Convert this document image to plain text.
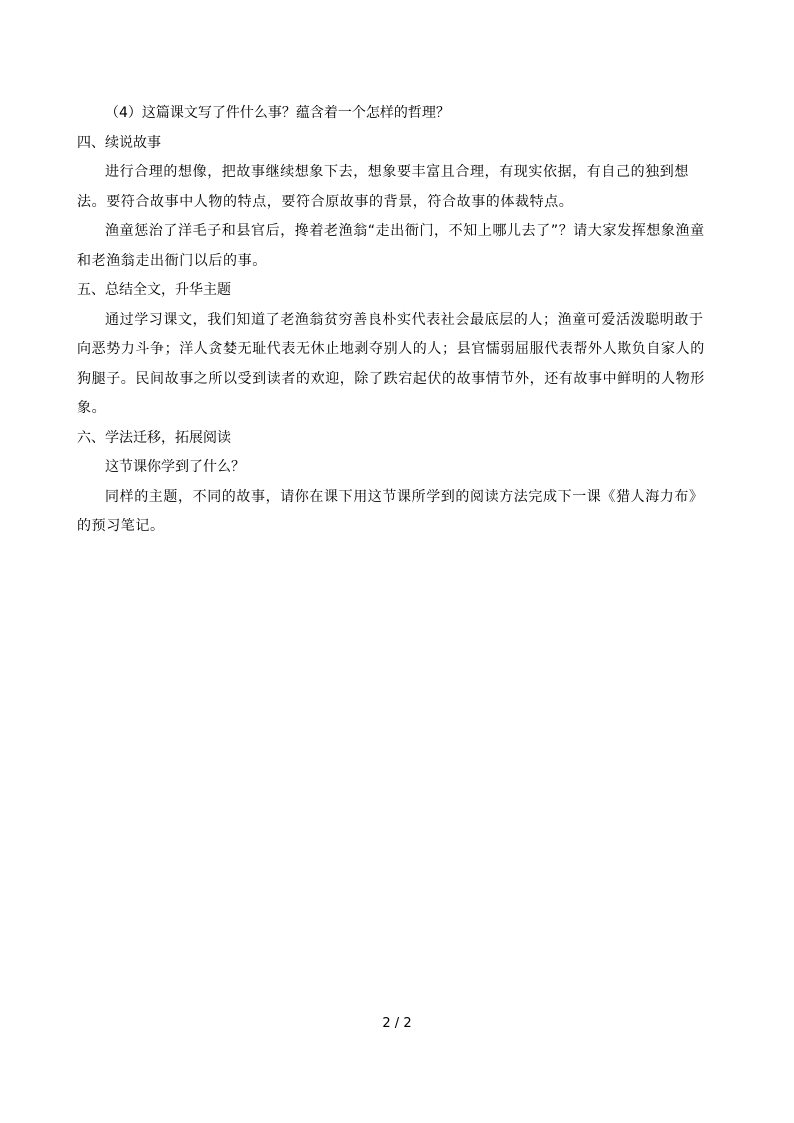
（4）这篇课文写了件什么事？蕴含着一个怎样的哲理？

四、续说故事

进行合理的想像，把故事继续想象下去，想象要丰富且合理，有现实依据，有自己的独到想法。要符合故事中人物的特点，要符合原故事的背景，符合故事的体裁特点。

渔童惩治了洋毛子和县官后，搀着老渔翁“走出衙门，不知上哪儿去了”？请大家发挥想象渔童和老渔翁走出衙门以后的事。

五、总结全文，升华主题

通过学习课文，我们知道了老渔翁贫穷善良朴实代表社会最底层的人；渔童可爱活泼聪明敢于向恶势力斗争；洋人贪婪无耻代表无休止地剥夺别人的人；县官懦弱屈服代表帮外人欺负自家人的狗腿子。民间故事之所以受到读者的欢迎，除了跌宕起伏的故事情节外，还有故事中鲜明的人物形象。

六、学法迁移，拓展阅读

这节课你学到了什么？

同样的主题，不同的故事，请你在课下用这节课所学到的阅读方法完成下一课《猎人海力布》的预习笔记。

2 / 2
